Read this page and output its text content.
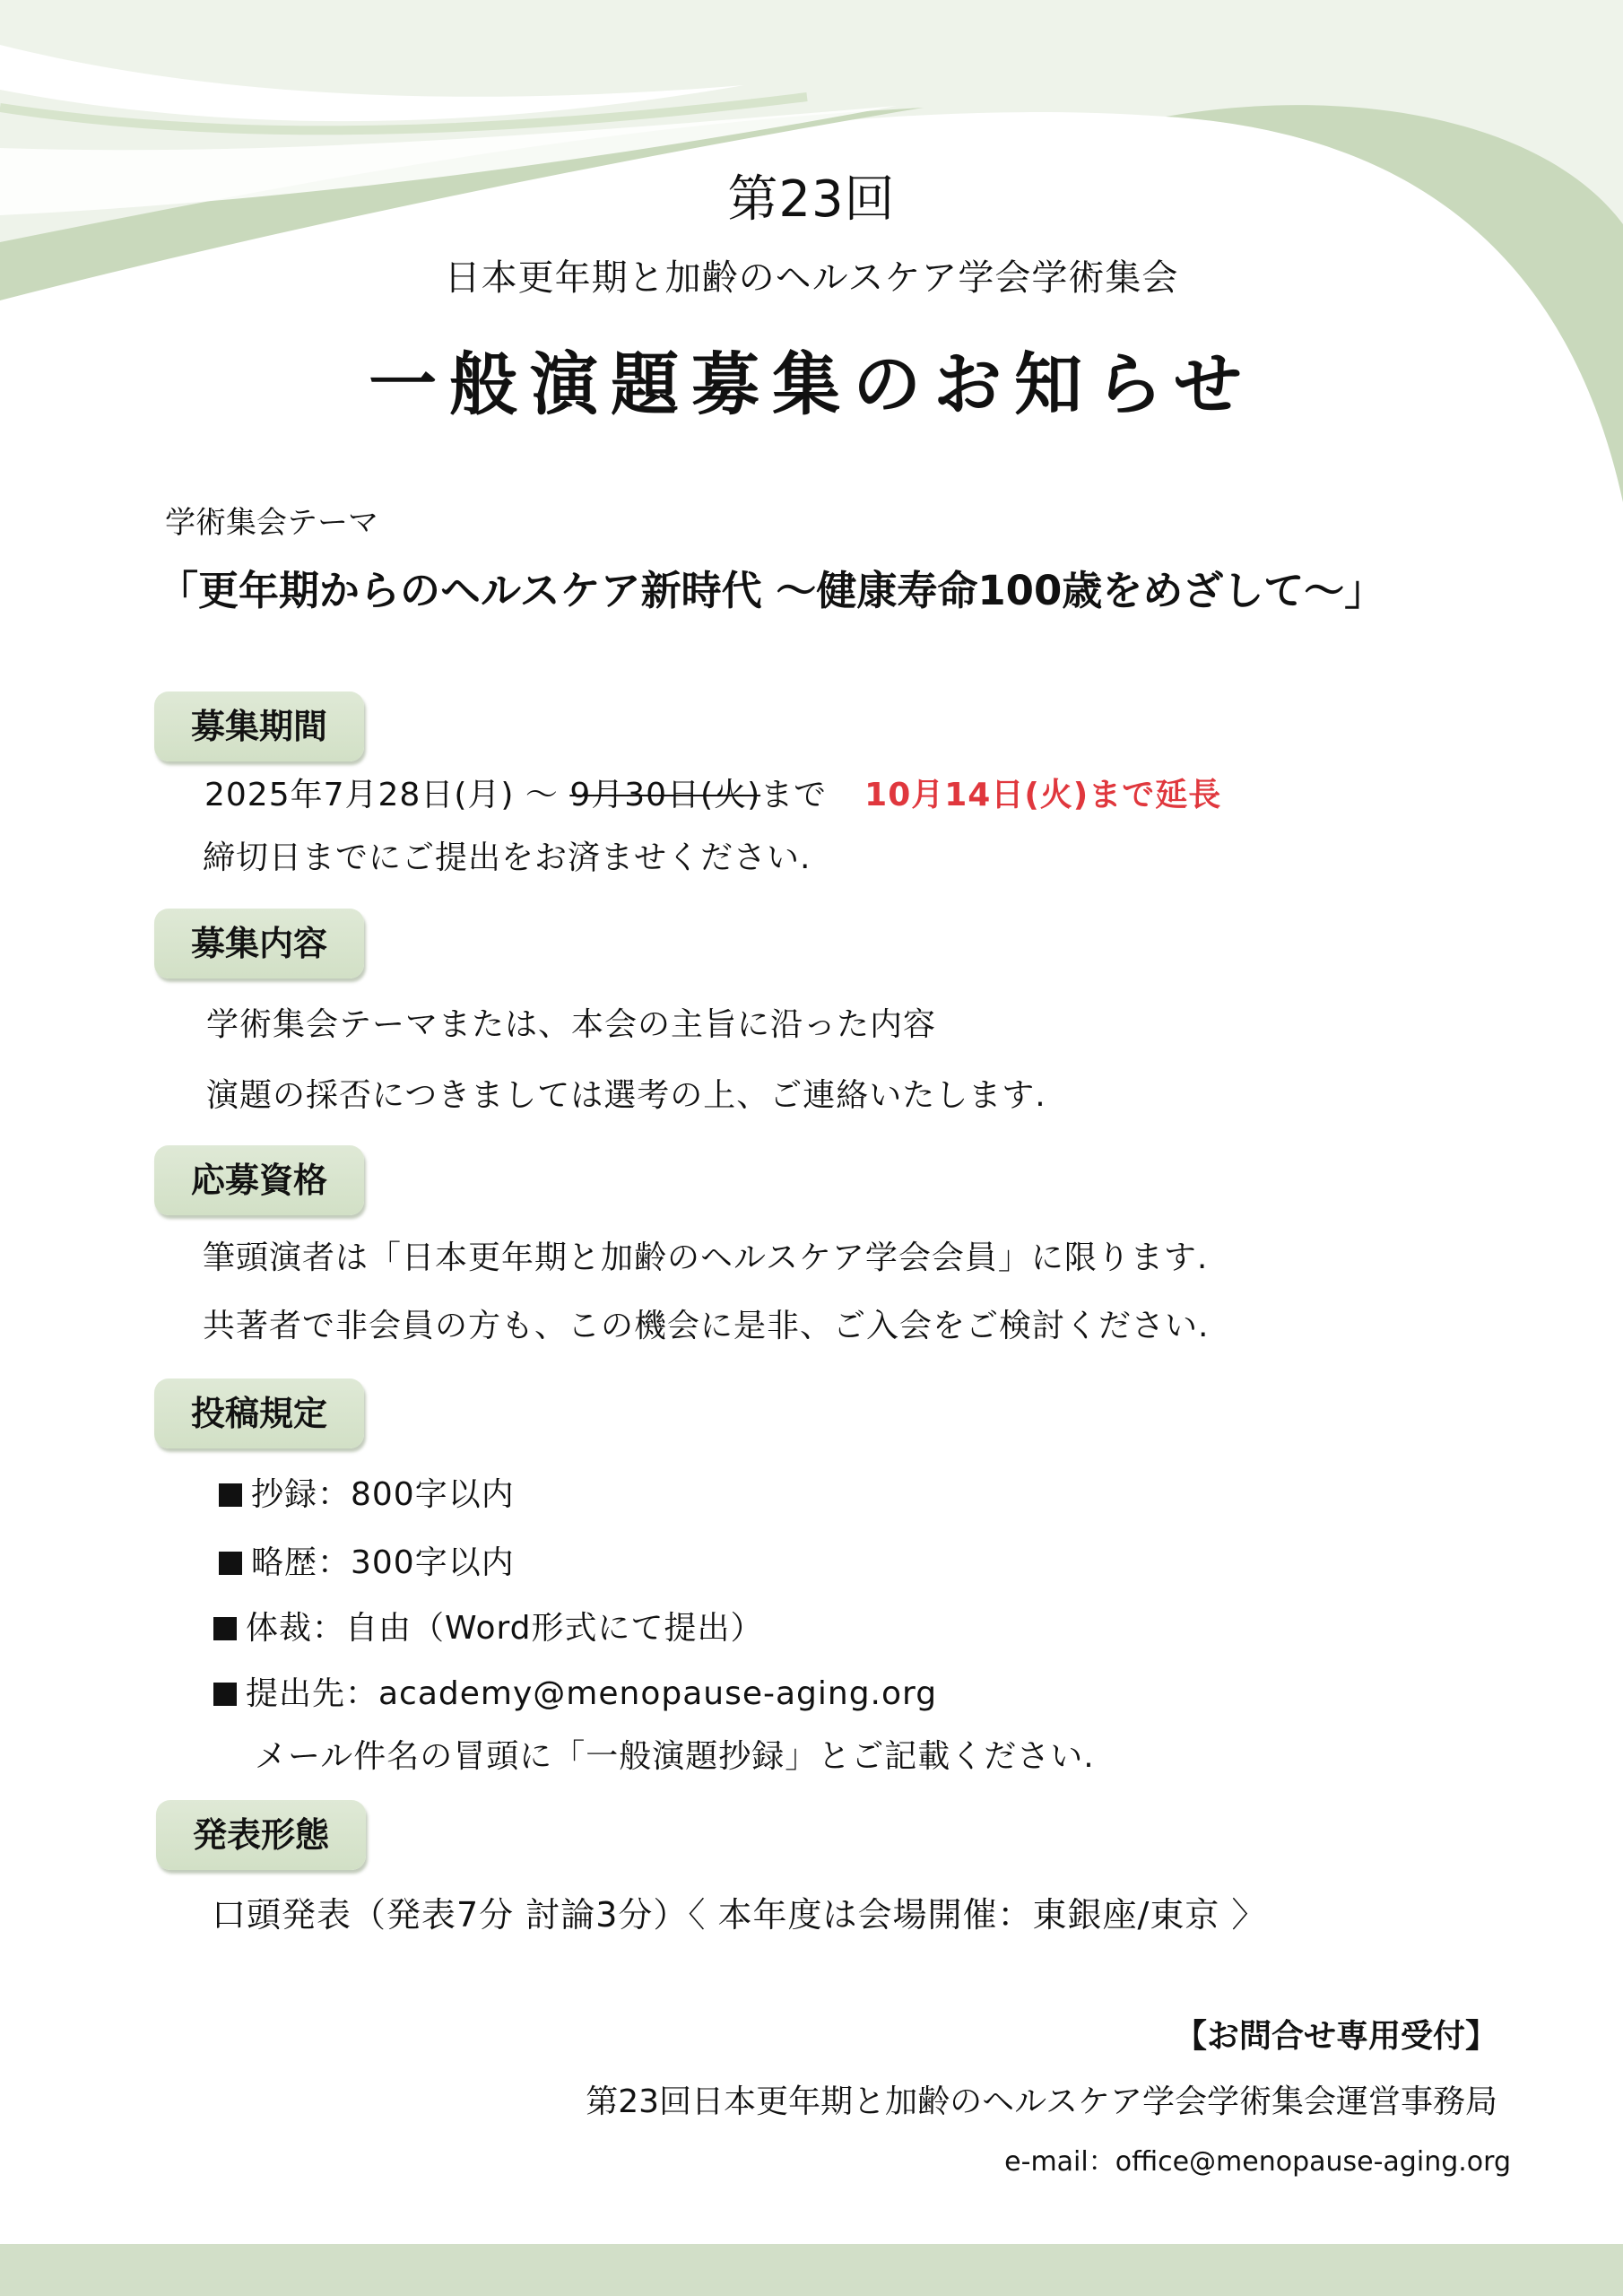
第23回
日本更年期と加齢のヘルスケア学会学術集会
一般演題募集のお知らせ
学術集会テーマ
「更年期からのヘルスケア新時代 ～健康寿命100歳をめざして～」
募集期間
2025年7月28日(月) ～ 9月30日(火)まで 10月14日(火)まで延長
締切日までにご提出をお済ませください.
募集内容
学術集会テーマまたは、本会の主旨に沿った内容
演題の採否につきましては選考の上、ご連絡いたします.
応募資格
筆頭演者は「日本更年期と加齢のヘルスケア学会会員」に限ります.
共著者で非会員の方も、この機会に是非、ご入会をご検討ください.
投稿規定
抄録：800字以内
略歴：300字以内
体裁：自由（Word形式にて提出）
提出先：academy@menopause-aging.org
メール件名の冒頭に「一般演題抄録」とご記載ください.
発表形態
口頭発表（発表7分 討論3分）〈 本年度は会場開催：東銀座/東京 〉
【お問合せ専用受付】
第23回日本更年期と加齢のヘルスケア学会学術集会運営事務局
e-mail：office@menopause-aging.org
